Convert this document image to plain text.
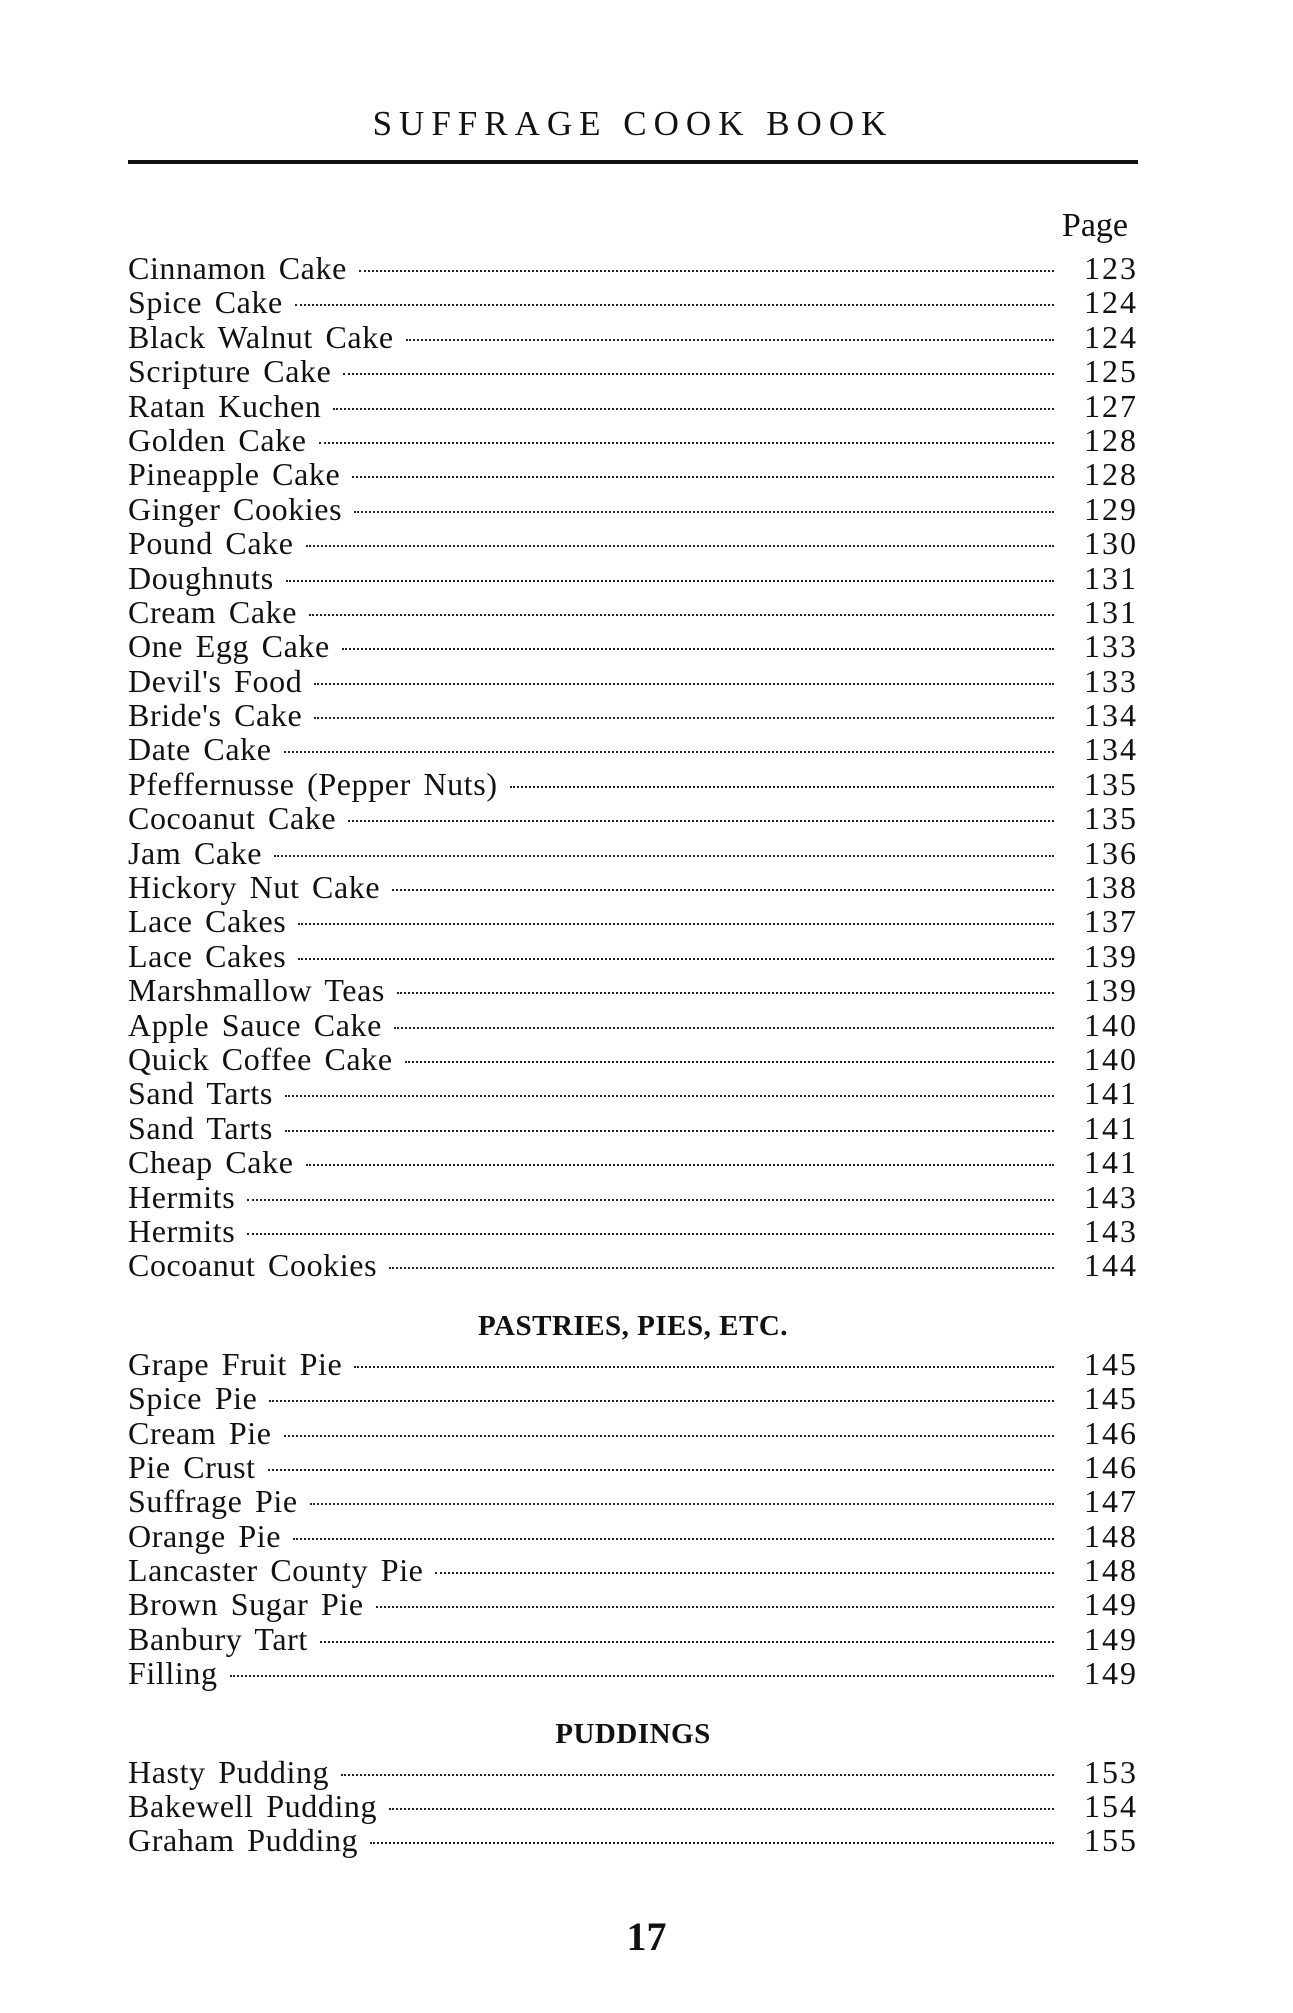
SUFFRAGE COOK BOOK
Page
Cinnamon Cake	123
Spice Cake	124
Black Walnut Cake	124
Scripture Cake	125
Ratan Kuchen	127
Golden Cake	128
Pineapple Cake	128
Ginger Cookies	129
Pound Cake	130
Doughnuts	131
Cream Cake	131
One Egg Cake	133
Devil's Food	133
Bride's Cake	134
Date Cake	134
Pfeffernusse (Pepper Nuts)	135
Cocoanut Cake	135
Jam Cake	136
Hickory Nut Cake	138
Lace Cakes	137
Lace Cakes	139
Marshmallow Teas	139
Apple Sauce Cake	140
Quick Coffee Cake	140
Sand Tarts	141
Sand Tarts	141
Cheap Cake	141
Hermits	143
Hermits	143
Cocoanut Cookies	144
PASTRIES, PIES, ETC.
Grape Fruit Pie	145
Spice Pie	145
Cream Pie	146
Pie Crust	146
Suffrage Pie	147
Orange Pie	148
Lancaster County Pie	148
Brown Sugar Pie	149
Banbury Tart	149
Filling	149
PUDDINGS
Hasty Pudding	153
Bakewell Pudding	154
Graham Pudding	155
17
